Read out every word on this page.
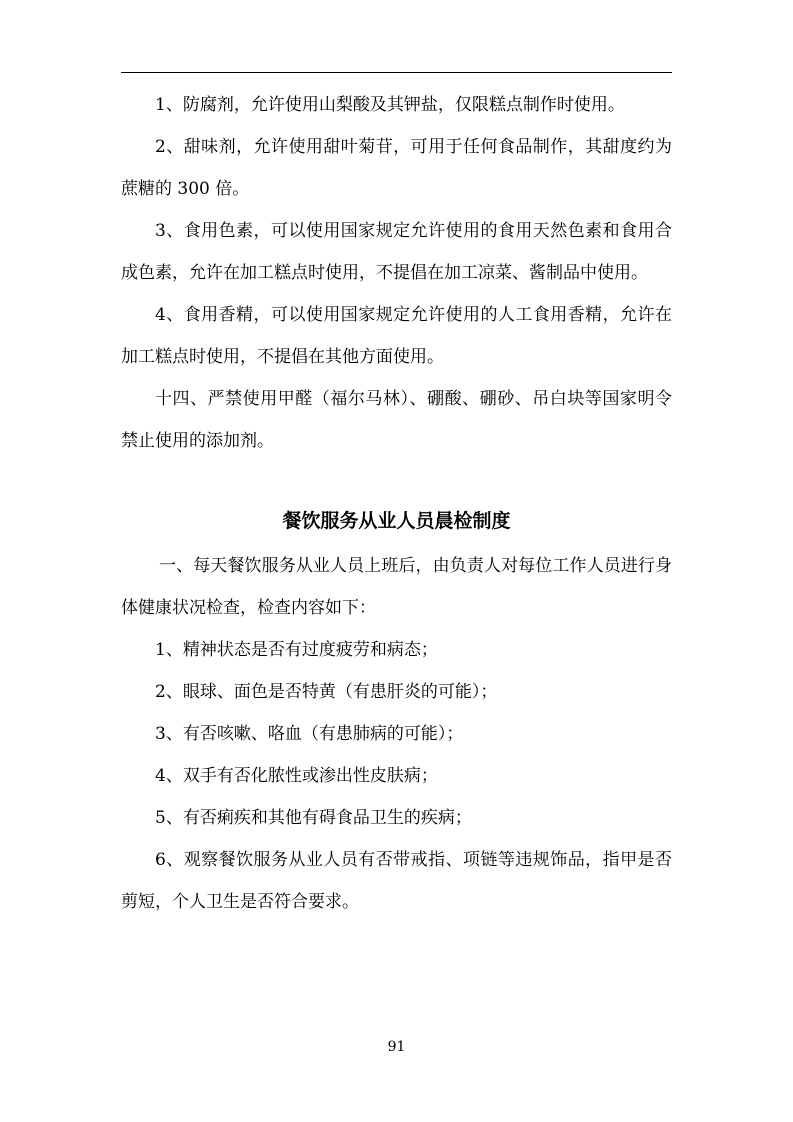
1、防腐剂，允许使用山梨酸及其钾盐，仅限糕点制作时使用。

2、甜味剂，允许使用甜叶菊苷，可用于任何食品制作，其甜度约为蔗糖的 300 倍。

3、食用色素，可以使用国家规定允许使用的食用天然色素和食用合成色素，允许在加工糕点时使用，不提倡在加工凉菜、酱制品中使用。

4、食用香精，可以使用国家规定允许使用的人工食用香精，允许在加工糕点时使用，不提倡在其他方面使用。

十四、严禁使用甲醛（福尔马林）、硼酸、硼砂、吊白块等国家明令禁止使用的添加剂。

餐饮服务从业人员晨检制度

一、每天餐饮服务从业人员上班后，由负责人对每位工作人员进行身体健康状况检查，检查内容如下：

1、精神状态是否有过度疲劳和病态；

2、眼球、面色是否特黄（有患肝炎的可能）；

3、有否咳嗽、咯血（有患肺病的可能）；

4、双手有否化脓性或渗出性皮肤病；

5、有否痢疾和其他有碍食品卫生的疾病；

6、观察餐饮服务从业人员有否带戒指、项链等违规饰品，指甲是否剪短，个人卫生是否符合要求。

91
